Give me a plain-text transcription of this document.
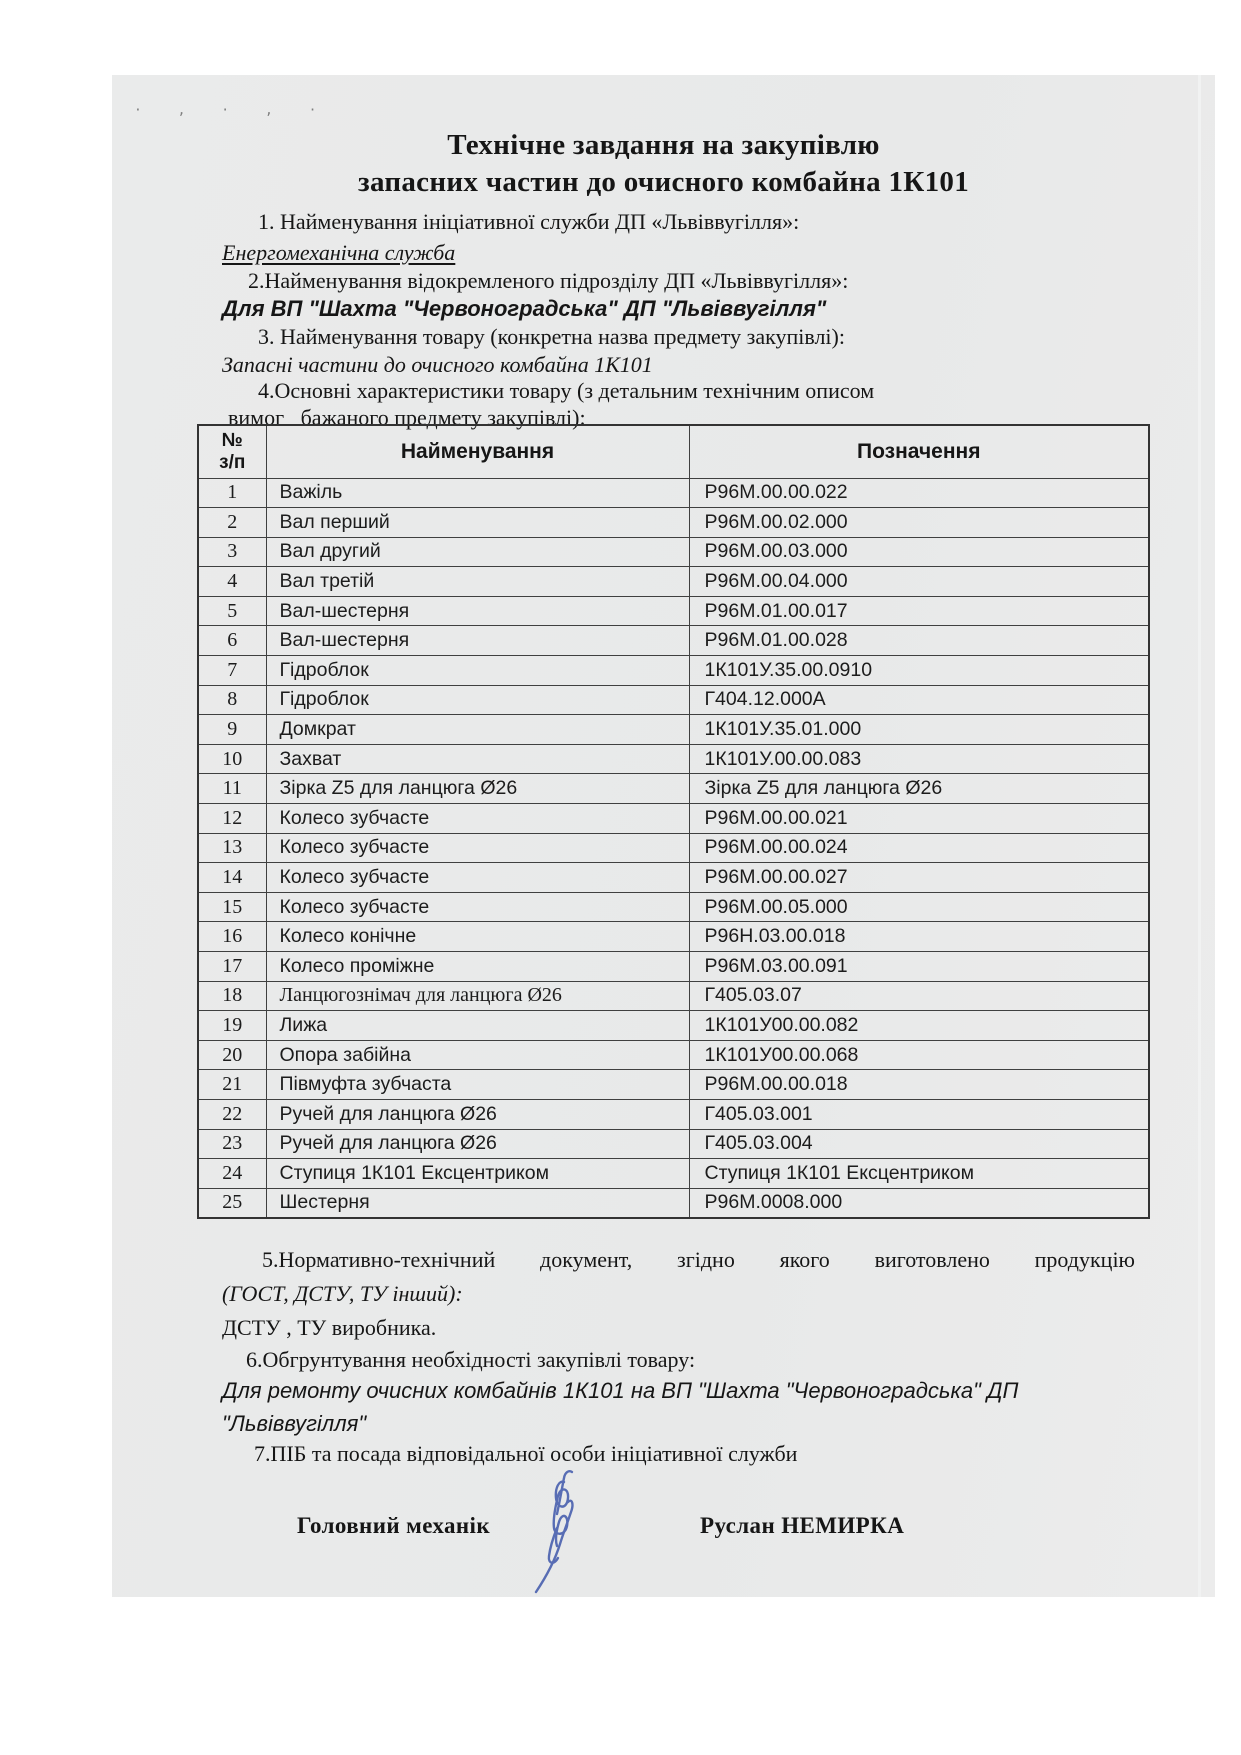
· , · , ·
Технічне завдання на закупівлю
запасних частин до очисного комбайна 1К101
1. Найменування ініціативної служби ДП «Львіввугілля»:
Енергомеханічна служба
2.Найменування відокремленого підрозділу ДП «Львіввугілля»:
Для ВП "Шахта "Червоноградська" ДП "Львіввугілля"
3. Найменування товару (конкретна назва предмету закупівлі):
Запасні частини до очисного комбайна 1К101
4.Основні характеристики товару (з детальним технічним описом
вимог   бажаного предмету закупівлі):
№
з/п	Найменування	Позначення
1	Важіль	Р96М.00.00.022
2	Вал перший	Р96М.00.02.000
3	Вал другий	Р96М.00.03.000
4	Вал третій	Р96М.00.04.000
5	Вал-шестерня	Р96М.01.00.017
6	Вал-шестерня	Р96М.01.00.028
7	Гідроблок	1К101У.35.00.0910
8	Гідроблок	Г404.12.000А
9	Домкрат	1К101У.35.01.000
10	Захват	1К101У.00.00.083
11	Зірка Z5 для ланцюга Ø26	Зірка Z5 для ланцюга Ø26
12	Колесо зубчасте	Р96М.00.00.021
13	Колесо зубчасте	Р96М.00.00.024
14	Колесо зубчасте	Р96М.00.00.027
15	Колесо зубчасте	Р96М.00.05.000
16	Колесо конічне	Р96Н.03.00.018
17	Колесо проміжне	Р96М.03.00.091
18	Ланцюгознімач для ланцюга Ø26	Г405.03.07
19	Лижа	1К101У00.00.082
20	Опора забійна	1К101У00.00.068
21	Півмуфта зубчаста	Р96М.00.00.018
22	Ручей для ланцюга Ø26	Г405.03.001
23	Ручей для ланцюга Ø26	Г405.03.004
24	Ступиця 1К101 Ексцентриком	Ступиця 1К101 Ексцентриком
25	Шестерня	Р96М.0008.000
5.Нормативно-технічний документ, згідно якого виготовлено продукцію
(ГОСТ, ДСТУ, ТУ інший):
ДСТУ , ТУ виробника.
6.Обгрунтування необхідності закупівлі товару:
Для ремонту очисних комбайнів 1К101 на ВП "Шахта "Червоноградська" ДП
"Львіввугілля"
7.ПІБ та посада відповідальної особи ініціативної служби
Головний механік	Руслан НЕМИРКА
